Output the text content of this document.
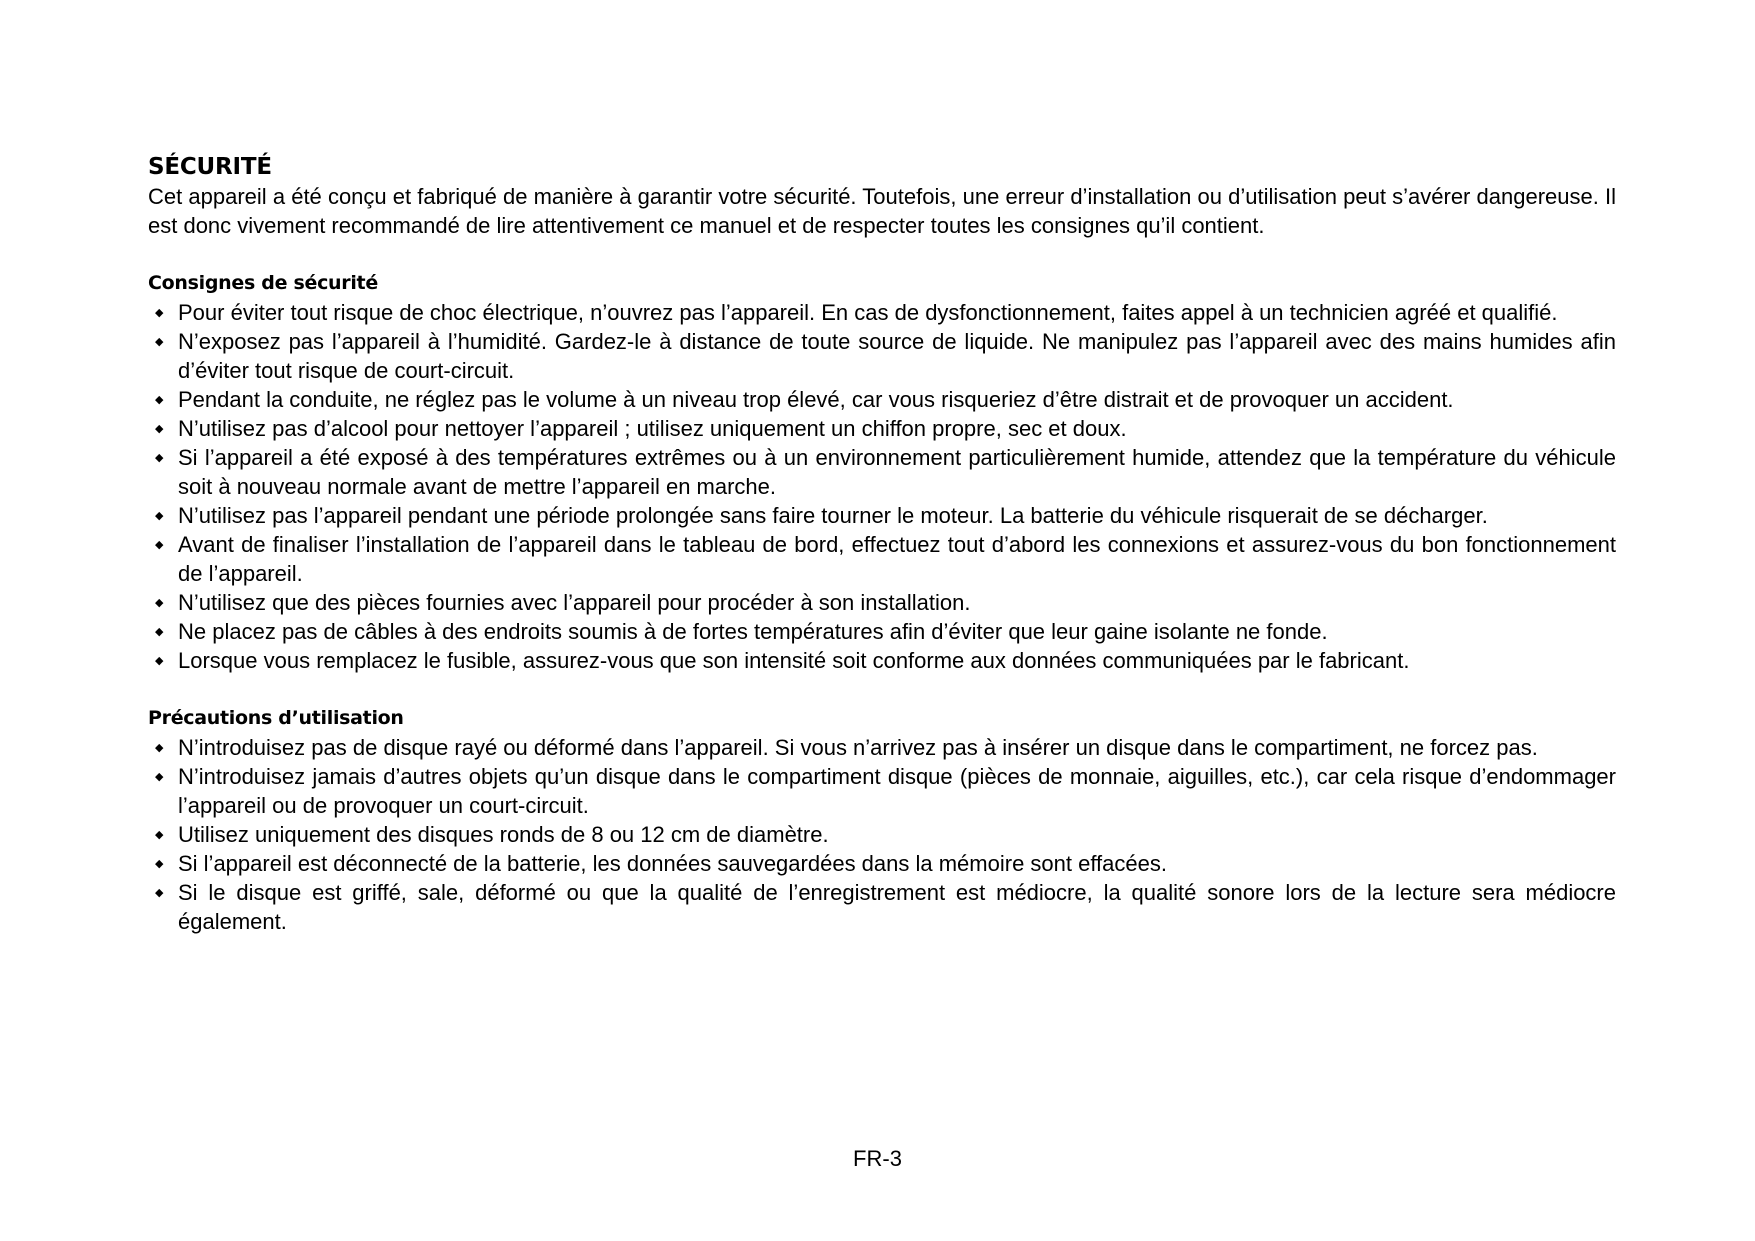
SÉCURITÉ

Cet appareil a été conçu et fabriqué de manière à garantir votre sécurité. Toutefois, une erreur d’installation ou d’utilisation peut s’avérer dangereuse. Il est donc vivement recommandé de lire attentivement ce manuel et de respecter toutes les consignes qu’il contient.

Consignes de sécurité
◆ Pour éviter tout risque de choc électrique, n’ouvrez pas l’appareil. En cas de dysfonctionnement, faites appel à un technicien agréé et qualifié.
◆ N’exposez pas l’appareil à l’humidité. Gardez-le à distance de toute source de liquide. Ne manipulez pas l’appareil avec des mains humides afin d’éviter tout risque de court-circuit.
◆ Pendant la conduite, ne réglez pas le volume à un niveau trop élevé, car vous risqueriez d’être distrait et de provoquer un accident.
◆ N’utilisez pas d’alcool pour nettoyer l’appareil ; utilisez uniquement un chiffon propre, sec et doux.
◆ Si l’appareil a été exposé à des températures extrêmes ou à un environnement particulièrement humide, attendez que la température du véhicule soit à nouveau normale avant de mettre l’appareil en marche.
◆ N’utilisez pas l’appareil pendant une période prolongée sans faire tourner le moteur. La batterie du véhicule risquerait de se décharger.
◆ Avant de finaliser l’installation de l’appareil dans le tableau de bord, effectuez tout d’abord les connexions et assurez-vous du bon fonctionnement de l’appareil.
◆ N’utilisez que des pièces fournies avec l’appareil pour procéder à son installation.
◆ Ne placez pas de câbles à des endroits soumis à de fortes températures afin d’éviter que leur gaine isolante ne fonde.
◆ Lorsque vous remplacez le fusible, assurez-vous que son intensité soit conforme aux données communiquées par le fabricant.
Précautions d’utilisation
◆ N’introduisez pas de disque rayé ou déformé dans l’appareil. Si vous n’arrivez pas à insérer un disque dans le compartiment, ne forcez pas.
◆ N’introduisez jamais d’autres objets qu’un disque dans le compartiment disque (pièces de monnaie, aiguilles, etc.), car cela risque d’endommager l’appareil ou de provoquer un court-circuit.
◆ Utilisez uniquement des disques ronds de 8 ou 12 cm de diamètre.
◆ Si l’appareil est déconnecté de la batterie, les données sauvegardées dans la mémoire sont effacées.
◆ Si le disque est griffé, sale, déformé ou que la qualité de l’enregistrement est médiocre, la qualité sonore lors de la lecture sera médiocre également.
FR-3
